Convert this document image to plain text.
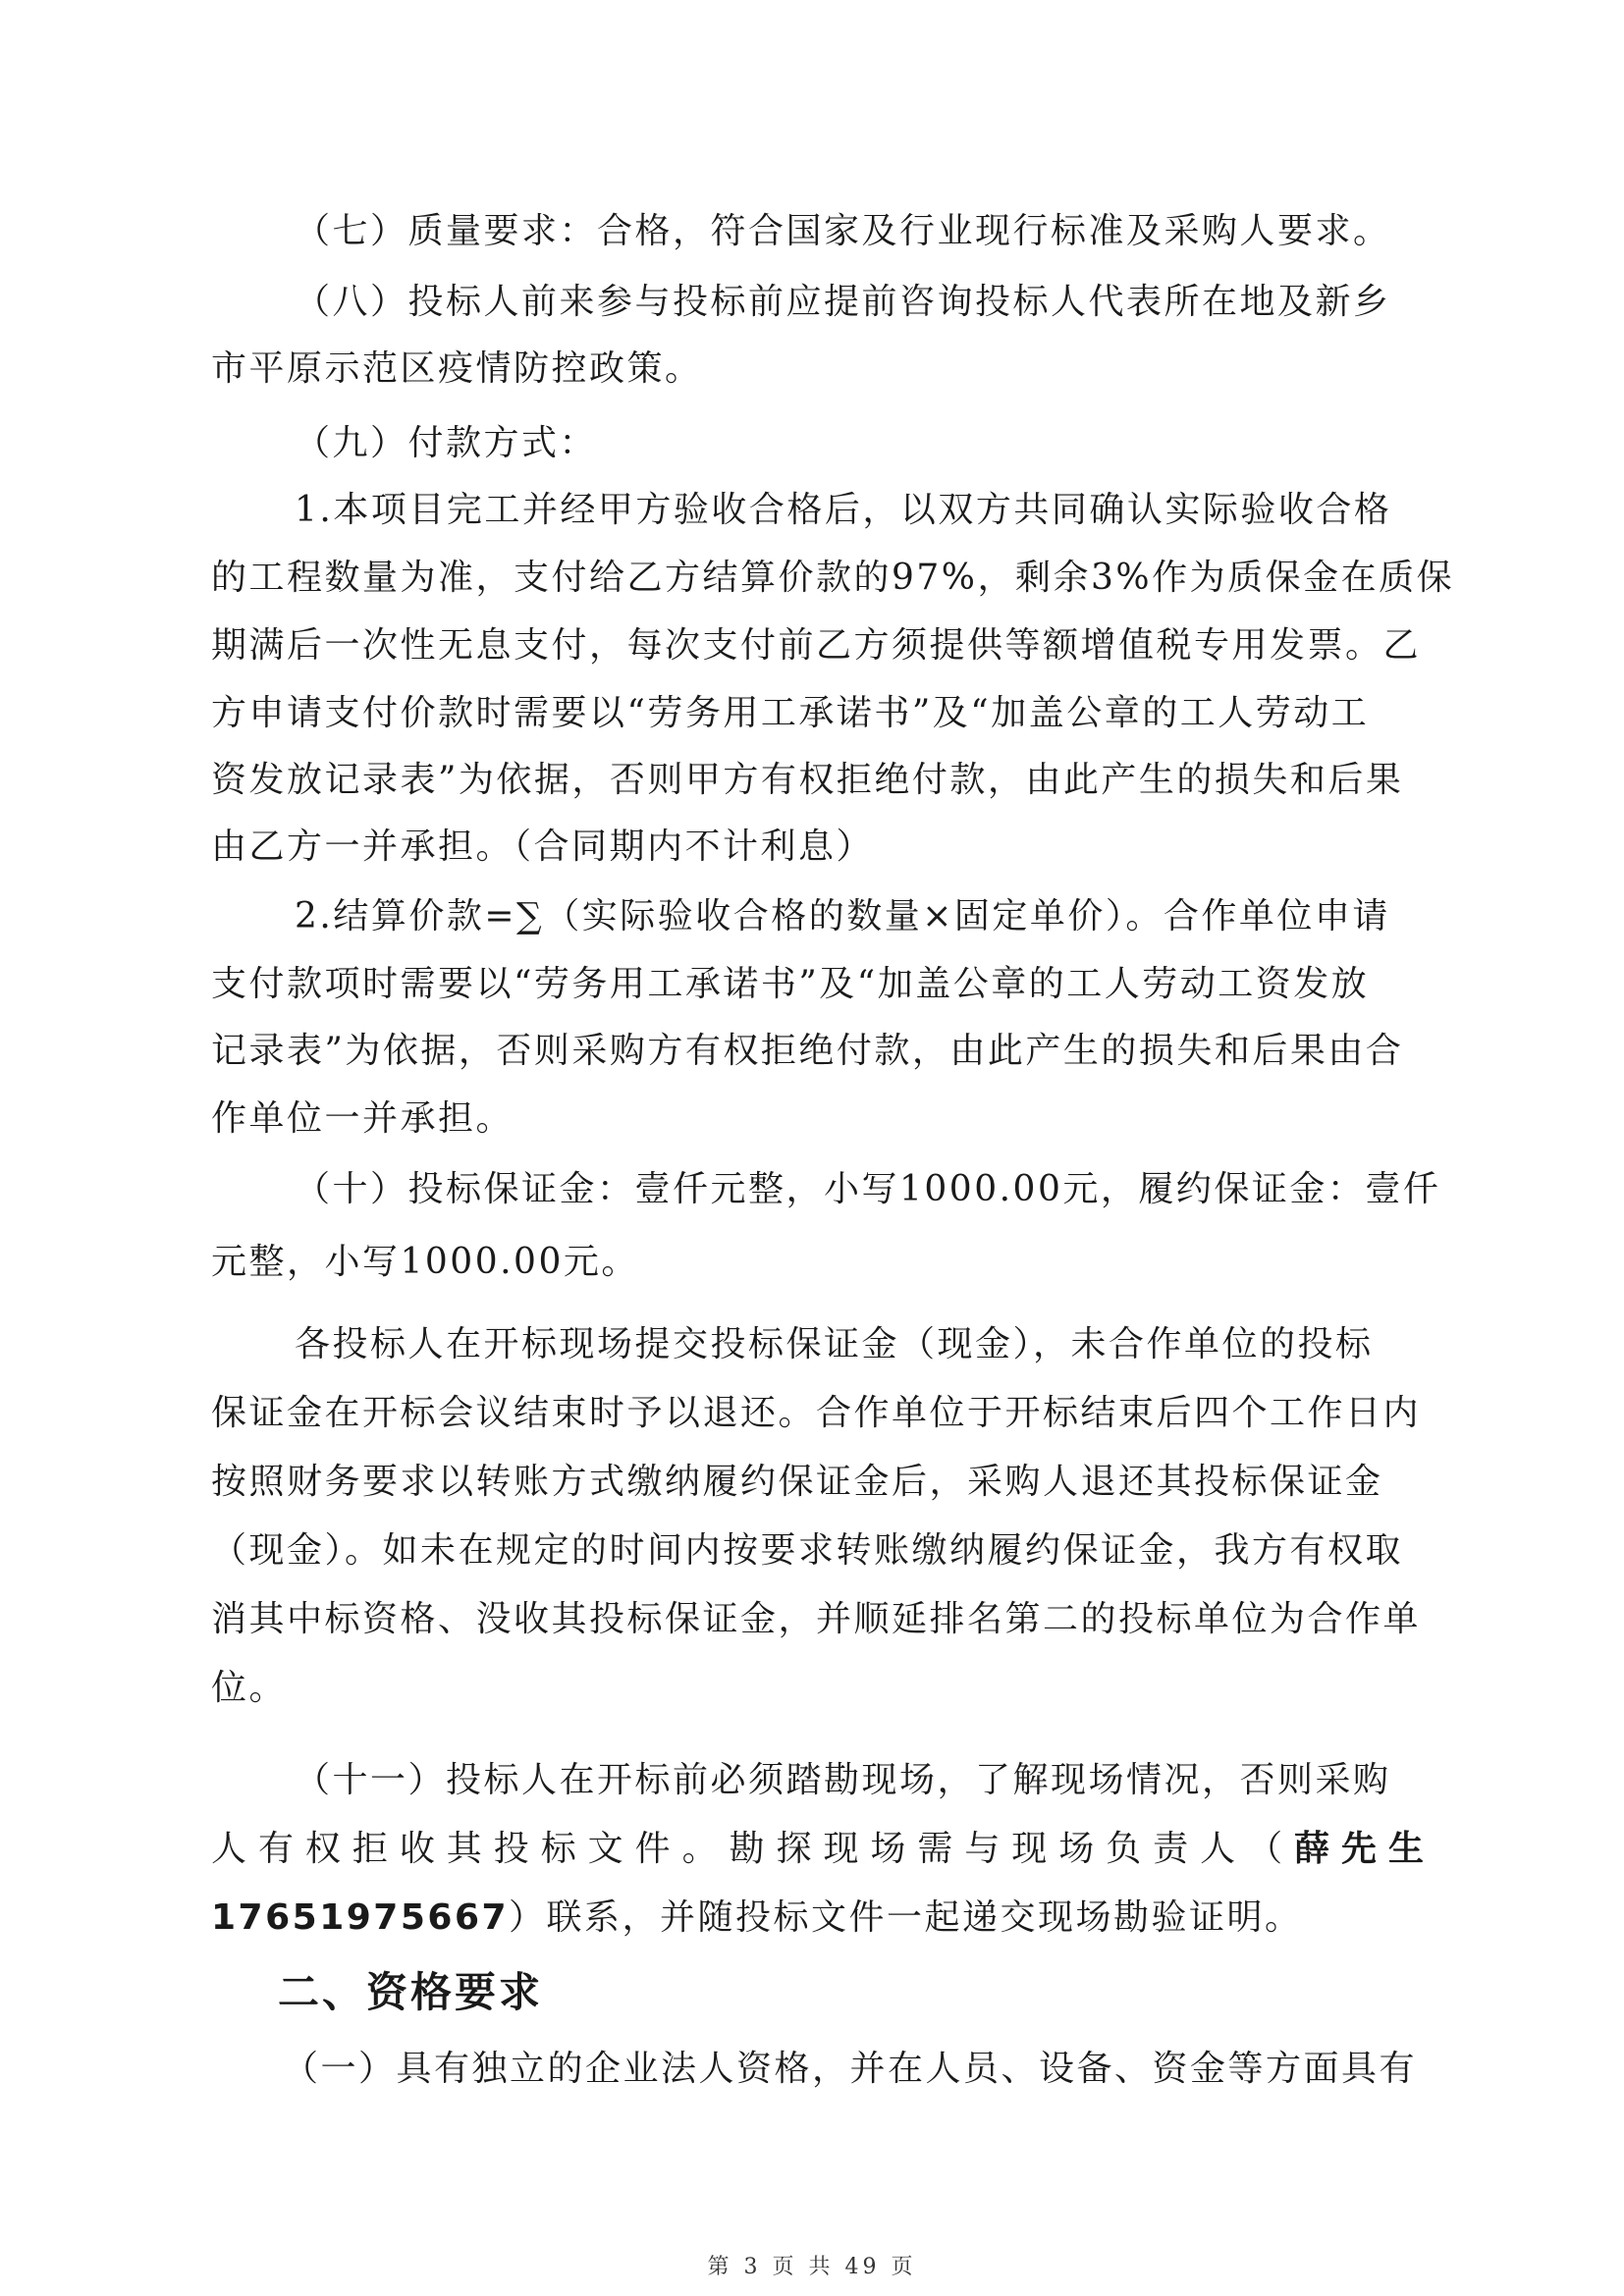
（七）质量要求：合格，符合国家及行业现行标准及采购人要求。
（八）投标人前来参与投标前应提前咨询投标人代表所在地及新乡
市平原示范区疫情防控政策。
（九）付款方式：
1.本项目完工并经甲方验收合格后，以双方共同确认实际验收合格
的工程数量为准，支付给乙方结算价款的97%，剩余3%作为质保金在质保
期满后一次性无息支付，每次支付前乙方须提供等额增值税专用发票。乙
方申请支付价款时需要以“劳务用工承诺书”及“加盖公章的工人劳动工
资发放记录表”为依据，否则甲方有权拒绝付款，由此产生的损失和后果
由乙方一并承担。（合同期内不计利息）
2.结算价款=∑（实际验收合格的数量×固定单价）。合作单位申请
支付款项时需要以“劳务用工承诺书”及“加盖公章的工人劳动工资发放
记录表”为依据，否则采购方有权拒绝付款，由此产生的损失和后果由合
作单位一并承担。
（十）投标保证金：壹仟元整，小写1000.00元，履约保证金：壹仟
元整，小写1000.00元。
各投标人在开标现场提交投标保证金（现金），未合作单位的投标
保证金在开标会议结束时予以退还。合作单位于开标结束后四个工作日内
按照财务要求以转账方式缴纳履约保证金后，采购人退还其投标保证金
（现金）。如未在规定的时间内按要求转账缴纳履约保证金，我方有权取
消其中标资格、没收其投标保证金，并顺延排名第二的投标单位为合作单
位。
（十一）投标人在开标前必须踏勘现场，了解现场情况，否则采购
人有权拒收其投标文件。勘探现场需与现场负责人（薛先生
17651975667）联系，并随投标文件一起递交现场勘验证明。
二、资格要求
（一）具有独立的企业法人资格，并在人员、设备、资金等方面具有
第 3 页 共 49 页
